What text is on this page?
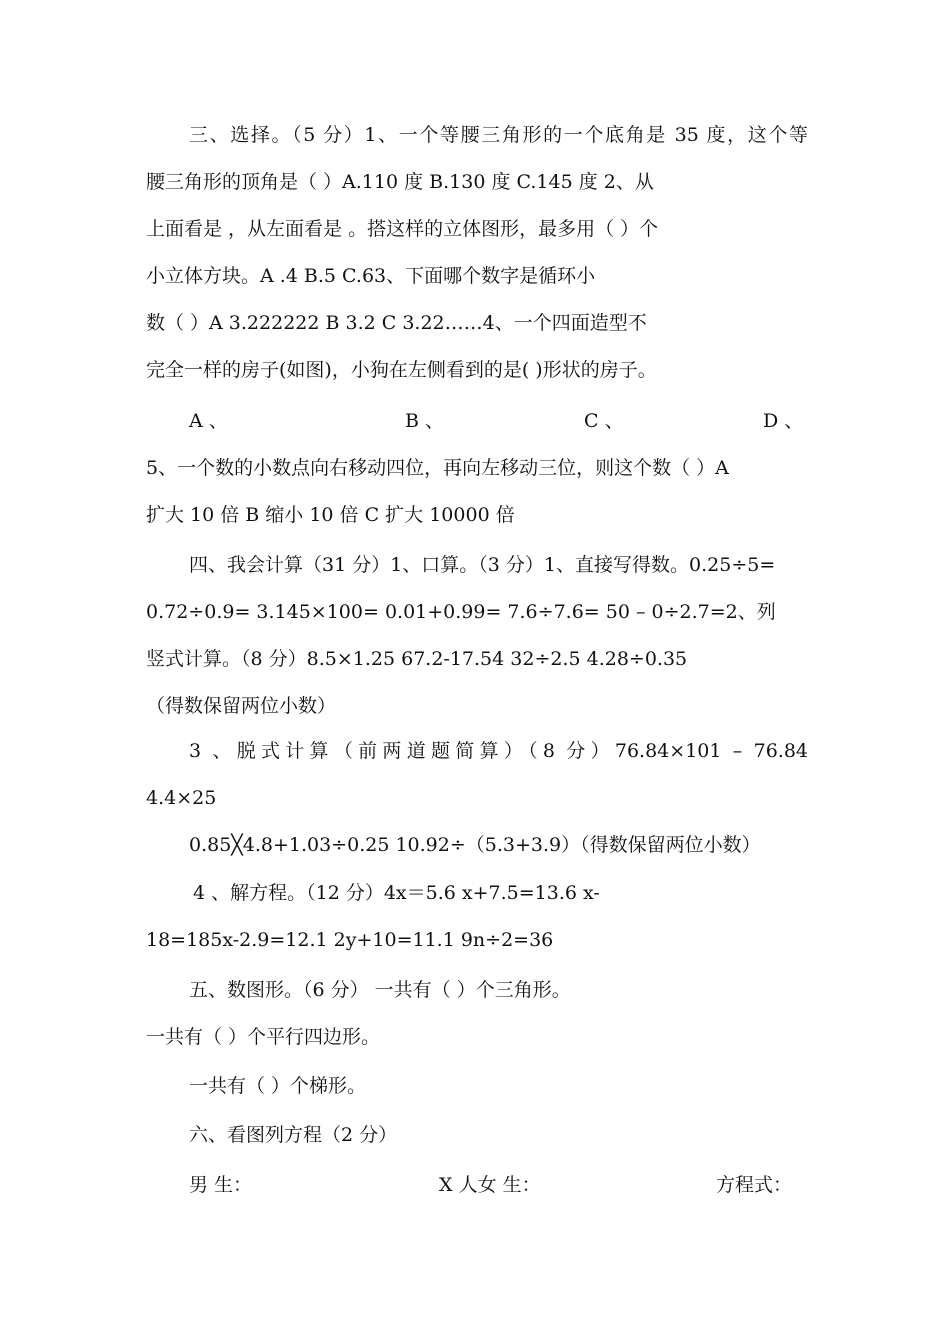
三、选择。（5 分）1、一个等腰三角形的一个底角是 35 度，这个等
腰三角形的顶角是（ ）A.110 度 B.130 度 C.145 度 2、从
上面看是 ，从左面看是 。搭这样的立体图形，最多用（ ）个
小立体方块。A .4 B.5 C.63、下面哪个数字是循环小
数（ ）A 3.222222 B 3.2 C 3.22……4、一个四面造型不
完全一样的房子(如图)，小狗在左侧看到的是( )形状的房子。
A 、	B 、	C 、	D 、
5、一个数的小数点向右移动四位，再向左移动三位，则这个数（ ）A
扩大 10 倍 B 缩小 10 倍 C 扩大 10000 倍
四、我会计算（31 分）1、口算。（3 分）1、直接写得数。0.25÷5=
0.72÷0.9= 3.145×100= 0.01+0.99= 7.6÷7.6= 50 – 0÷2.7=2、列
竖式计算。（8 分）8.5×1.25 67.2-17.54 32÷2.5 4.28÷0.35
（得数保留两位小数）
3 、脱式计算（前两道题简算）（8 分）76.84×101 – 76.84
4.4×25
0.85╳4.8+1.03÷0.25 10.92÷（5.3+3.9）（得数保留两位小数）
4 、解方程。（12 分）4x＝5.6 x+7.5=13.6 x-
18=185x-2.9=12.1 2y+10=11.1 9n÷2=36
五、数图形。（6 分） 一共有（ ）个三角形。
一共有（ ）个平行四边形。
一共有（ ）个梯形。
六、看图列方程（2 分）
男 生：	X 人女 生：	方程式：
